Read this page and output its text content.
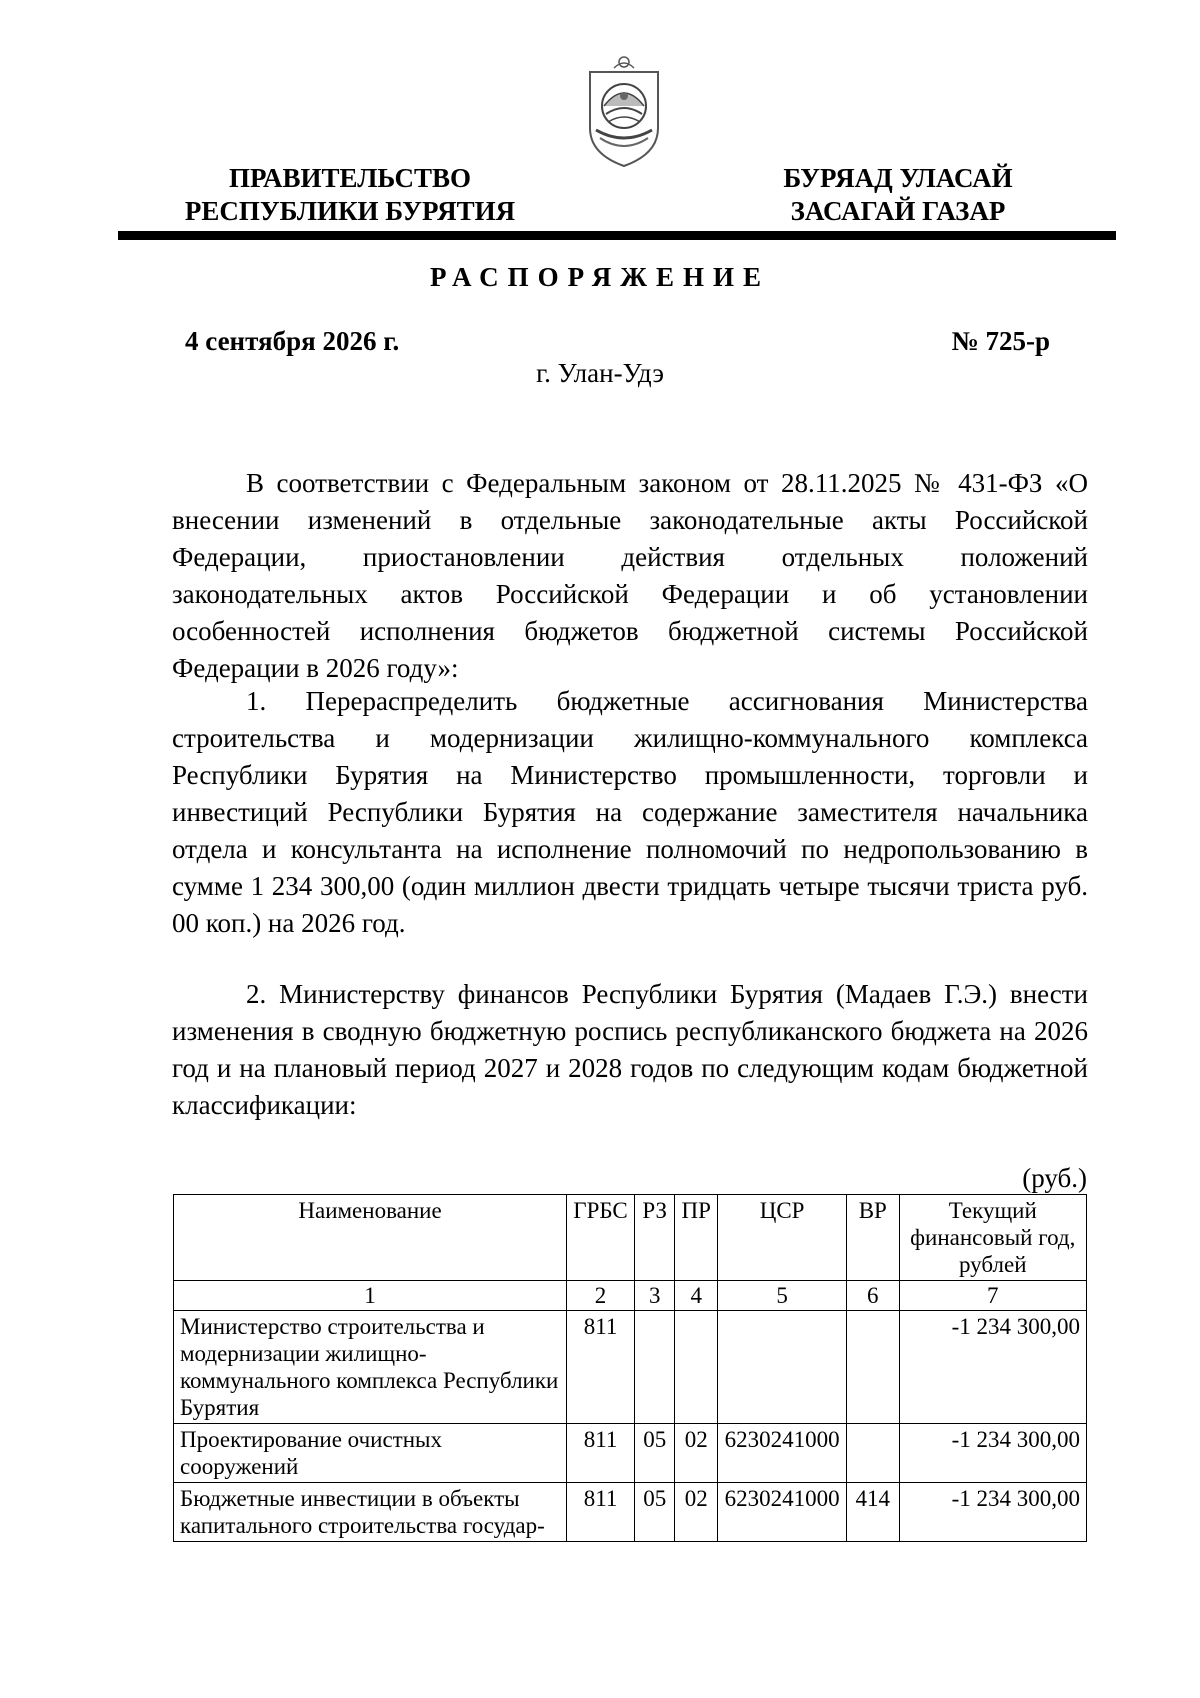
ПРАВИТЕЛЬСТВО
РЕСПУБЛИКИ БУРЯТИЯ
БУРЯАД УЛАСАЙ
ЗАСАГАЙ ГАЗАР
РАСПОРЯЖЕНИЕ
4 сентября 2026 г.	№ 725-р
г. Улан-Удэ

В соответствии с Федеральным законом от 28.11.2025 № 431-ФЗ «О внесении изменений в отдельные законодательные акты Российской Федерации, приостановлении действия отдельных положений законодательных актов Российской Федерации и об установлении особенностей исполнения бюджетов бюджетной системы Российской Федерации в 2026 году»:

1. Перераспределить бюджетные ассигнования Министерства строительства и модернизации жилищно-коммунального комплекса Республики Бурятия на Министерство промышленности, торговли и инвестиций Республики Бурятия на содержание заместителя начальника отдела и консультанта на исполнение полномочий по недропользованию в сумме 1 234 300,00 (один миллион двести тридцать четыре тысячи триста руб. 00 коп.) на 2026 год.

2. Министерству финансов Республики Бурятия (Мадаев Г.Э.) внести изменения в сводную бюджетную роспись республиканского бюджета на 2026 год и на плановый период 2027 и 2028 годов по следующим кодам бюджетной классификации:

(руб.)
Наименование	ГРБС	РЗ	ПР	ЦСР	ВР	Текущий финансовый год, рублей
1	2	3	4	5	6	7
Министерство строительства и модернизации жилищно-коммунального комплекса Республики Бурятия	811					-1 234 300,00
Проектирование очистных сооружений	811	05	02	6230241000		-1 234 300,00
Бюджетные инвестиции в объекты капитального строительства государ-	811	05	02	6230241000	414	-1 234 300,00
